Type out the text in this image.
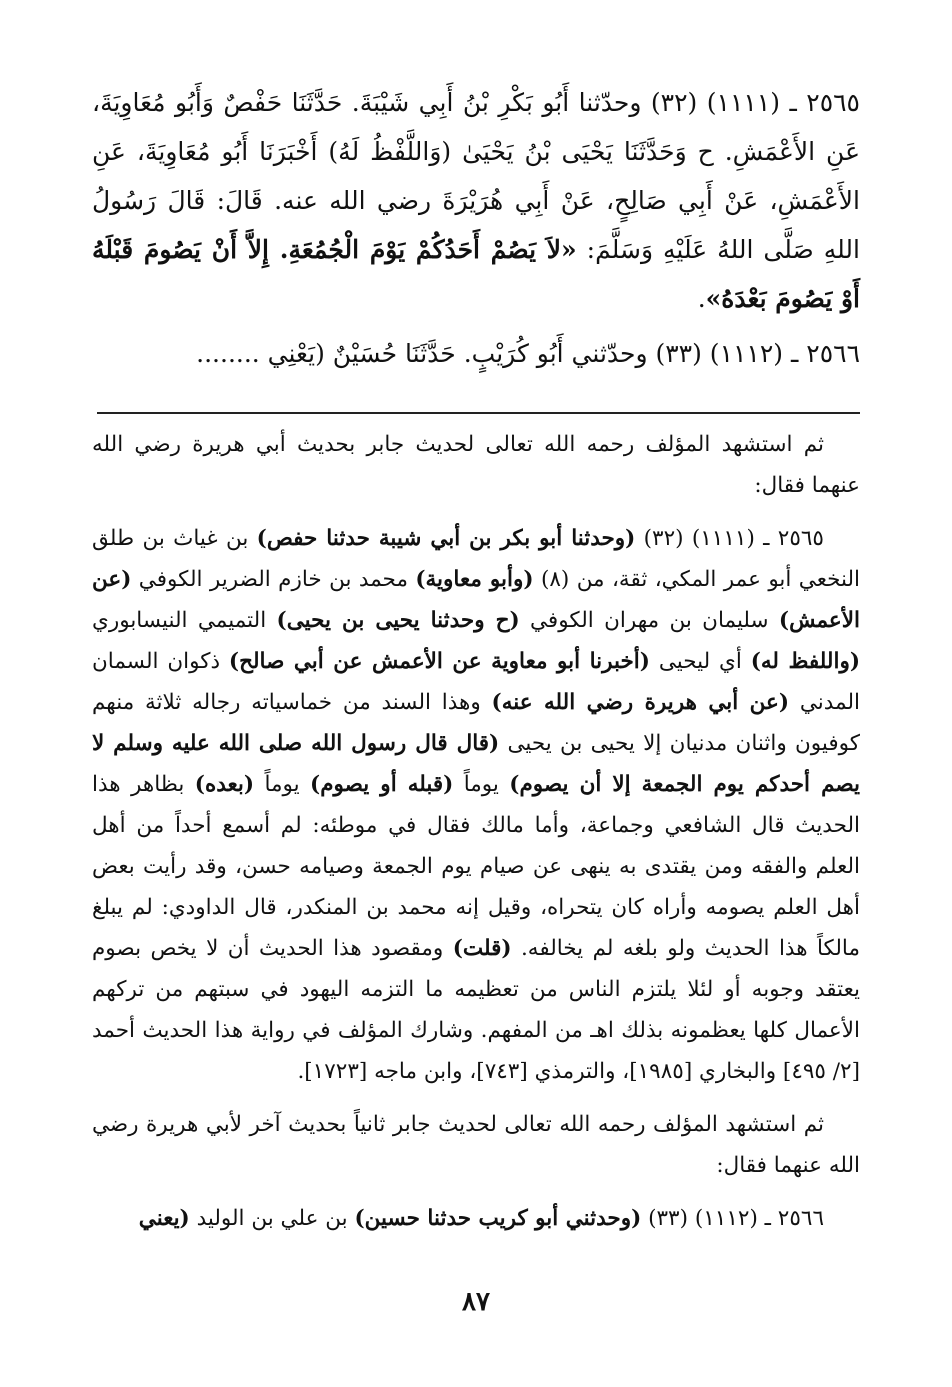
٢٥٦٥ ـ (١١١١) (٣٢) وحدّثنا أَبُو بَكْرِ بْنُ أَبِي شَيْبَةَ. حَدَّثَنَا حَفْصٌ وَأَبُو مُعَاوِيَةَ، عَنِ الأَعْمَشِ. ح وَحَدَّثَنَا يَحْيَى بْنُ يَحْيَىٰ (وَاللَّفْظُ لَهُ) أَخْبَرَنَا أَبُو مُعَاوِيَةَ، عَنِ الأَعْمَشِ، عَنْ أَبِي صَالِحٍ، عَنْ أَبِي هُرَيْرَةَ رضي الله عنه. قَالَ: قَالَ رَسُولُ اللهِ صَلَّى اللهُ عَلَيْهِ وَسَلَّمَ: «لاَ يَصُمْ أَحَدُكُمْ يَوْمَ الْجُمُعَةِ. إِلاَّ أَنْ يَصُومَ قَبْلَهُ أَوْ يَصُومَ بَعْدَهُ».

٢٥٦٦ ـ (١١١٢) (٣٣) وحدّثني أَبُو كُرَيْبٍ. حَدَّثَنَا حُسَيْنٌ (يَعْنِي ........

ثم استشهد المؤلف رحمه الله تعالى لحديث جابر بحديث أبي هريرة رضي الله عنهما فقال:

٢٥٦٥ ـ (١١١١) (٣٢) (وحدثنا أبو بكر بن أبي شيبة حدثنا حفص) بن غياث بن طلق النخعي أبو عمر المكي، ثقة، من (٨) (وأبو معاوية) محمد بن خازم الضرير الكوفي (عن الأعمش) سليمان بن مهران الكوفي (ح وحدثنا يحيى بن يحيى) التميمي النيسابوري (واللفظ له) أي ليحيى (أخبرنا أبو معاوية عن الأعمش عن أبي صالح) ذكوان السمان المدني (عن أبي هريرة رضي الله عنه) وهذا السند من خماسياته رجاله ثلاثة منهم كوفيون واثنان مدنيان إلا يحيى بن يحيى (قال قال رسول الله صلى الله عليه وسلم لا يصم أحدكم يوم الجمعة إلا أن يصوم) يوماً (قبله أو يصوم) يوماً (بعده) بظاهر هذا الحديث قال الشافعي وجماعة، وأما مالك فقال في موطئه: لم أسمع أحداً من أهل العلم والفقه ومن يقتدى به ينهى عن صيام يوم الجمعة وصيامه حسن، وقد رأيت بعض أهل العلم يصومه وأراه كان يتحراه، وقيل إنه محمد بن المنكدر، قال الداودي: لم يبلغ مالكاً هذا الحديث ولو بلغه لم يخالفه. (قلت) ومقصود هذا الحديث أن لا يخص بصوم يعتقد وجوبه أو لئلا يلتزم الناس من تعظيمه ما التزمه اليهود في سبتهم من تركهم الأعمال كلها يعظمونه بذلك اهـ من المفهم. وشارك المؤلف في رواية هذا الحديث أحمد [٢/ ٤٩٥] والبخاري [١٩٨٥]، والترمذي [٧٤٣]، وابن ماجه [١٧٢٣].

ثم استشهد المؤلف رحمه الله تعالى لحديث جابر ثانياً بحديث آخر لأبي هريرة رضي الله عنهما فقال:

٢٥٦٦ ـ (١١١٢) (٣٣) (وحدثني أبو كريب حدثنا حسين) بن علي بن الوليد (يعني

٨٧
